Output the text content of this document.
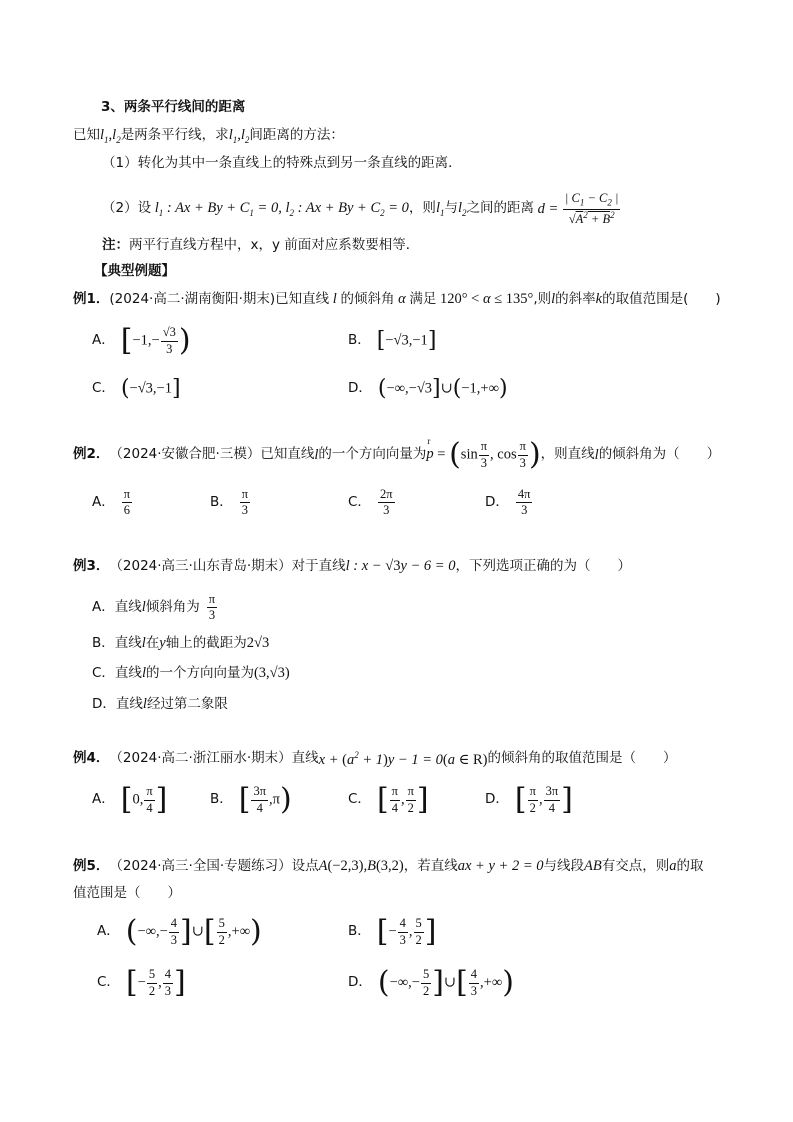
3、两条平行线间的距离
已知$l_1,l_2$是两条平行线，求$l_1,l_2$间距离的方法：
（1）转化为其中一条直线上的特殊点到另一条直线的距离．
（2）设 $l_1$ : $Ax + By + C_1 = 0$, $l_2$ : $Ax + By + C_2 = 0$ ，则 $l_1$ 与 $l_2$ 之间的距离 $d = \frac{| C_1 - C_2 |}{√A^2 + B^2}$
注：两平行直线方程中，x，y 前面对应系数要相等．
【典型例题】
例1． (2024·高二·湖南衡阳·期末) 已知直线 l 的倾斜角 α 满足 120° < α ≤ 135° ,则 l 的斜率 k 的取值范围是(　　)
A． [$-1,- \frac{√3}{3}$ )	B． [−√3,−1]
C． (−√3,−1]	D． (−∞,−√3]∪(−1,+∞)
例2． （2024·安徽合肥·三模） 已知直线 l 的一个方向向量为 p
r
= ($\sin \frac{\pi}{3}$ , $\cos \frac{\pi}{3}$ ) ，则直线 l 的倾斜角为（　　）
A． $\frac{\pi}{6}$	B． $\frac{\pi}{3}$	C． $\frac{2\pi}{3}$	D． $\frac{4\pi}{3}$
例3． （2024·高三·山东青岛·期末） 对于直线 l : x − √3y − 6 = 0 ，下列选项正确的为（　　）
A．直线l倾斜角为 $\frac{\pi}{3}$
B．直线l在y轴上的截距为2√3
C．直线l的一个方向向量为(3,√3)
D．直线l经过第二象限
例4． （2024·高二·浙江丽水·期末） 直线 $x + (a^2 + 1)y - 1 = 0(a$ ∈ R) 的倾斜角的取值范围是（　　）
A． [0, $\frac{\pi}{4}$ ]	B． [ $\frac{3\pi}{4} ,\pi$)	C． [ $\frac{\pi}{4}$ , $\frac{\pi}{2}$ ]	D． [ $\frac{\pi}{2}$ , $\frac{3\pi}{4}$ ]
例5． （2024·高三·全国·专题练习） 设点 A(−2,3),B(3,2) ，若直线 ax + y + 2 = 0 与线段 AB 有交点，则 a 的取
值范围是（　　）
A． (−∞,− $\frac{4}{3}$ ]∪[ $\frac{5}{2}$ ,+∞)	B． [− $\frac{4}{3}$ , $\frac{5}{2}$ ]
C． [− $\frac{5}{2}$ , $\frac{4}{3}$ ]	D． (−∞,− $\frac{5}{2}$ ]∪[ $\frac{4}{3}$ ,+∞)
